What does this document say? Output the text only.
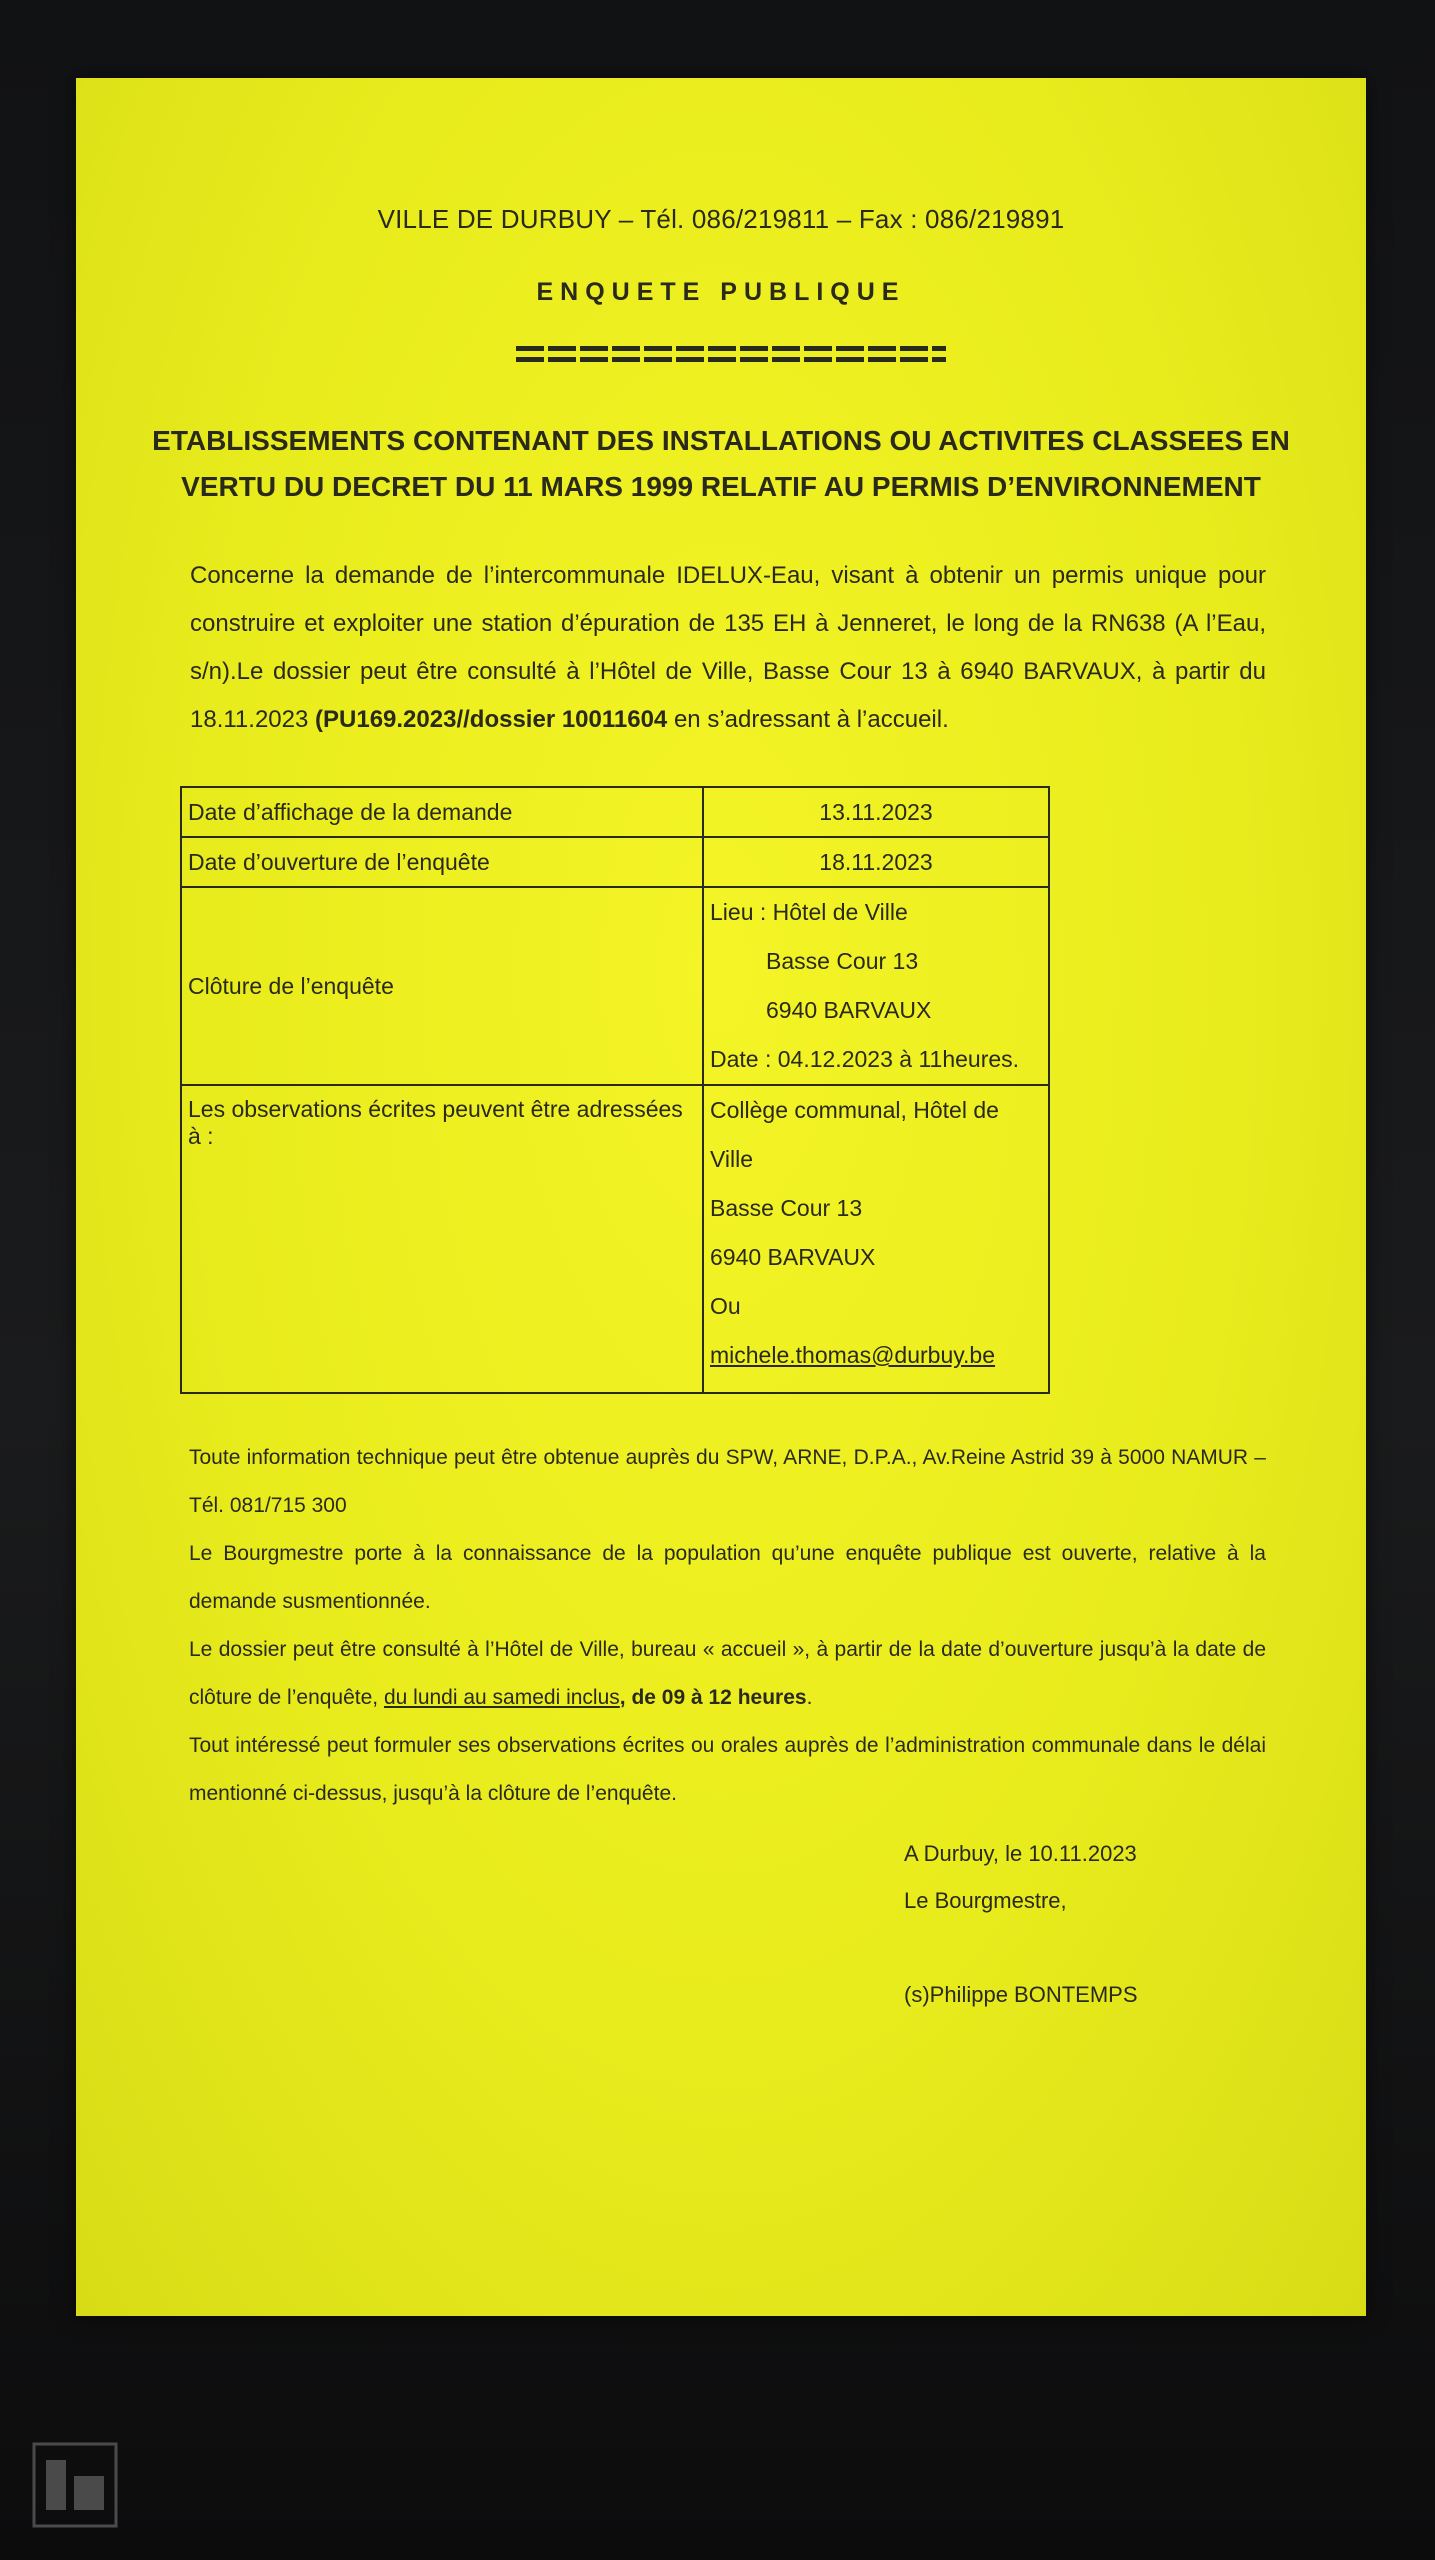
VILLE DE DURBUY – Tél. 086/219811 – Fax : 086/219891
ENQUETE PUBLIQUE
ETABLISSEMENTS CONTENANT DES INSTALLATIONS OU ACTIVITES CLASSEES EN
VERTU DU DECRET DU 11 MARS 1999 RELATIF AU PERMIS D’ENVIRONNEMENT
Concerne la demande de l’intercommunale IDELUX-Eau, visant à obtenir un permis unique pour construire et exploiter une station d’épuration de 135 EH à Jenneret, le long de la RN638 (A l’Eau, s/n).Le dossier peut être consulté à l’Hôtel de Ville, Basse Cour 13 à 6940 BARVAUX, à partir du 18.11.2023 (PU169.2023//dossier 10011604 en s’adressant à l’accueil.
Date d’affichage de la demande	13.11.2023
Date d’ouverture de l’enquête	18.11.2023
Clôture de l’enquête	Lieu : Hôtel de Ville
Basse Cour 13
6940 BARVAUX
Date : 04.12.2023 à 11heures.

Les observations écrites peuvent être adressées à :	Collège communal, Hôtel de Ville
Basse Cour 13
6940 BARVAUX
Ou
michele.thomas@durbuy.be

Toute information technique peut être obtenue auprès du SPW, ARNE, D.P.A., Av.Reine Astrid 39 à 5000 NAMUR – Tél. 081/715 300

Le Bourgmestre porte à la connaissance de la population qu’une enquête publique est ouverte, relative à la demande susmentionnée.

Le dossier peut être consulté à l’Hôtel de Ville, bureau « accueil », à partir de la date d’ouverture jusqu’à la date de clôture de l’enquête, du lundi au samedi inclus, de 09 à 12 heures.

Tout intéressé peut formuler ses observations écrites ou orales auprès de l’administration communale dans le délai mentionné ci-dessus, jusqu’à la clôture de l’enquête.

A Durbuy, le 10.11.2023
Le Bourgmestre,
(s)Philippe BONTEMPS
